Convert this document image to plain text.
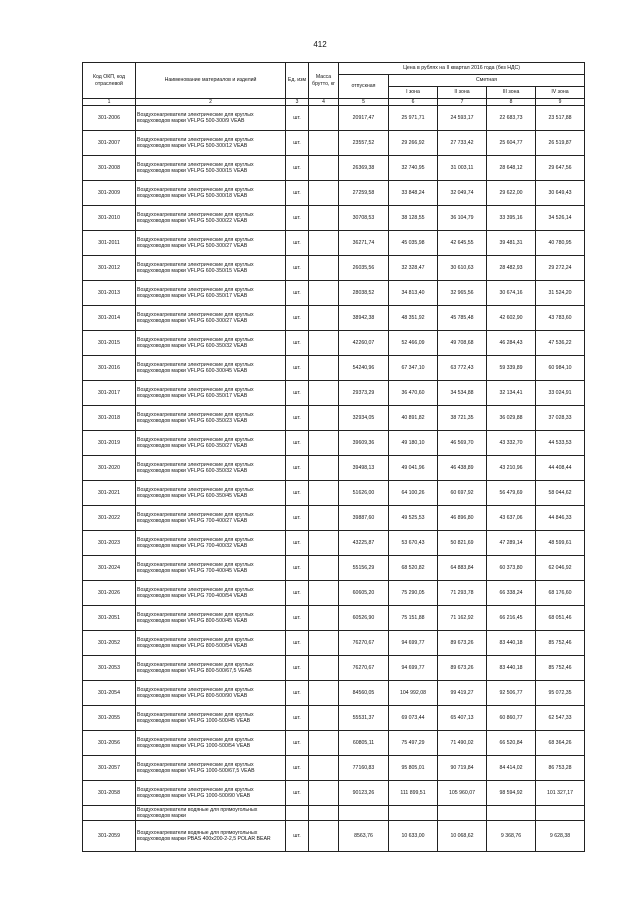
412
Код ОКП, код отраслевой	Наименование материалов и изделий	Ед. изм	Масса брутто, кг	Цена в рублях на II квартал 2016 года (без НДС)				
				отпускная	Сметная			
					I зона	II зона	III зона	IV зона
1	2	3	4	5	6	7	8	9
301-2006	Воздухонагреватели электрические для круглых воздуховодов марки VFLPG 500-300/9 VEAB	шт.		20917,47	25 971,71	24 593,17	22 683,73	23 517,88
301-2007	Воздухонагреватели электрические для круглых воздуховодов марки VFLPG 500-300/12 VEAB	шт.		23557,52	29 266,92	27 733,42	25 604,77	26 519,87
301-2008	Воздухонагреватели электрические для круглых воздуховодов марки VFLPG 500-300/15 VEAB	шт.		26369,38	32 740,95	31 003,11	28 648,12	29 647,56
301-2009	Воздухонагреватели электрические для круглых воздуховодов марки VFLPG 500-300/18 VEAB	шт.		27259,58	33 848,24	32 049,74	29 622,00	30 649,43
301-2010	Воздухонагреватели электрические для круглых воздуховодов марки VFLPG 500-300/22 VEAB	шт.		30708,53	38 128,55	36 104,79	33 395,16	34 526,14
301-2011	Воздухонагреватели электрические для круглых воздуховодов марки VFLPG 500-300/27 VEAB	шт.		36271,74	45 035,98	42 645,55	39 481,31	40 780,95
301-2012	Воздухонагреватели электрические для круглых воздуховодов марки VFLPG 600-350/15 VEAB	шт.		26035,56	32 328,47	30 610,63	28 482,93	29 272,24
301-2013	Воздухонагреватели электрические для круглых воздуховодов марки VFLPG 600-350/17 VEAB	шт.		28038,52	34 813,40	32 965,56	30 674,16	31 524,20
301-2014	Воздухонагреватели электрические для круглых воздуховодов марки VFLPG 600-300/27 VEAB	шт.		38942,38	48 351,92	45 785,48	42 602,90	43 783,60
301-2015	Воздухонагреватели электрические для круглых воздуховодов марки VFLPG 600-350/32 VEAB	шт.		42260,07	52 466,09	49 708,68	46 284,43	47 536,22
301-2016	Воздухонагреватели электрические для круглых воздуховодов марки VFLPG 600-300/45 VEAB	шт.		54240,96	67 347,10	63 772,43	59 339,89	60 984,10
301-2017	Воздухонагреватели электрические для круглых воздуховодов марки VFLPG 600-350/17 VEAB	шт.		29373,29	36 470,60	34 534,88	32 134,41	33 024,91
301-2018	Воздухонагреватели электрические для круглых воздуховодов марки VFLPG 600-350/23 VEAB	шт.		32934,05	40 891,82	38 721,35	36 029,88	37 028,33
301-2019	Воздухонагреватели электрические для круглых воздуховодов марки VFLPG 600-350/27 VEAB	шт.		39609,36	49 180,10	46 569,70	43 332,70	44 533,53
301-2020	Воздухонагреватели электрические для круглых воздуховодов марки VFLPG 600-350/32 VEAB	шт.		39498,13	49 041,96	46 438,89	43 210,96	44 408,44
301-2021	Воздухонагреватели электрические для круглых воздуховодов марки VFLPG 600-350/45 VEAB	шт.		51626,00	64 100,26	60 697,92	56 479,69	58 044,62
301-2022	Воздухонагреватели электрические для круглых воздуховодов марки VFLPG 700-400/27 VEAB	шт.		39887,60	49 525,53	46 896,80	43 637,06	44 846,33
301-2023	Воздухонагреватели электрические для круглых воздуховодов марки VFLPG 700-400/32 VEAB	шт.		43225,87	53 670,43	50 821,69	47 289,14	48 599,61
301-2024	Воздухонагреватели электрические для круглых воздуховодов марки VFLPG 700-400/45 VEAB	шт.		55156,29	68 520,82	64 883,84	60 373,80	62 046,92
301-2026	Воздухонагреватели электрические для круглых воздуховодов марки VFLPG 700-400/54 VEAB	шт.		60605,20	75 290,05	71 293,78	66 338,24	68 176,60
301-2051	Воздухонагреватели электрические для круглых воздуховодов марки VFLPG 800-500/45 VEAB	шт.		60526,90	75 151,88	71 162,92	66 216,45	68 051,46
301-2052	Воздухонагреватели электрические для круглых воздуховодов марки VFLPG 800-500/54 VEAB	шт.		76270,67	94 699,77	89 673,26	83 440,18	85 752,46
301-2053	Воздухонагреватели электрические для круглых воздуховодов марки VFLPG 800-500/67,5 VEAB	шт.		76270,67	94 699,77	89 673,26	83 440,18	85 752,46
301-2054	Воздухонагреватели электрические для круглых воздуховодов марки VFLPG 800-500/90 VEAB	шт.		84560,05	104 992,08	99 419,27	92 506,77	95 072,35
301-2055	Воздухонагреватели электрические для круглых воздуховодов марки VFLPG 1000-500/45 VEAB	шт.		55531,37	69 073,44	65 407,13	60 860,77	62 547,33
301-2056	Воздухонагреватели электрические для круглых воздуховодов марки VFLPG 1000-500/54 VEAB	шт.		60805,11	75 497,29	71 490,02	66 520,84	68 364,26
301-2057	Воздухонагреватели электрические для круглых воздуховодов марки VFLPG 1000-500/67,5 VEAB	шт.		77160,83	95 805,01	90 719,84	84 414,02	86 753,28
301-2058	Воздухонагреватели электрические для круглых воздуховодов марки VFLPG 1000-500/90 VEAB	шт.		90123,26	111 899,51	105 960,07	98 594,92	101 327,17
	Воздухонагреватели водяные для прямоугольных воздуховодов марки							
301-2059	Воздухонагреватели водяные для прямоугольных воздуховодов марки PBAS 400х200-2-2,5 POLAR BEAR	шт.		8563,76	10 633,00	10 068,62	9 368,76	9 628,38
